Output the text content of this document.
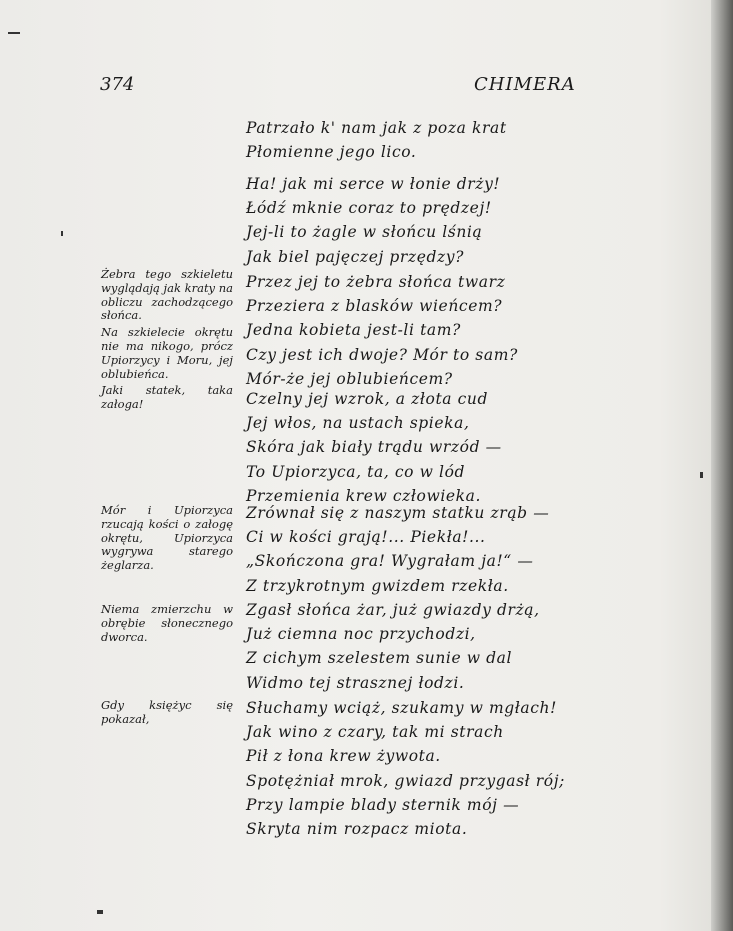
374	CHIMERA
Patrzało k' nam jak z poza krat
Płomienne jego lico.
Ha! jak mi serce w łonie drży!
Łódź mknie coraz to prędzej!
Jej-li to żagle w słońcu lśnią
Jak biel pajęczej przędzy?
Przez jej to żebra słońca twarz
Przeziera z blasków wieńcem?
Jedna kobieta jest-li tam?
Czy jest ich dwoje? Mór to sam?
Mór-że jej oblubieńcem?
Czelny jej wzrok, a złota cud
Jej włos, na ustach spieka,
Skóra jak biały trądu wrzód —
To Upiorzyca, ta, co w lód
Przemienia krew człowieka.
Zrównał się z naszym statku zrąb —
Ci w kości grają!... Piekła!...
„Skończona gra! Wygrałam ja!“ —
Z trzykrotnym gwizdem rzekła.
Zgasł słońca żar, już gwiazdy drżą,
Już ciemna noc przychodzi,
Z cichym szelestem sunie w dal
Widmo tej strasznej łodzi.
Słuchamy wciąż, szukamy w mgłach!
Jak wino z czary, tak mi strach
Pił z łona krew żywota.
Spotężniał mrok, gwiazd przygasł rój;
Przy lampie blady sternik mój —
Skryta nim rozpacz miota.

Żebra tego szkieletu wyglądają jak kraty na obliczu zachodzącego słońca.

Na szkielecie okrętu nie ma nikogo, prócz Upiorzycy i Moru, jej oblubieńca.

Jaki statek, taka załoga!

Mór i Upiorzyca rzucają kości o załogę okrętu, Upiorzyca wygrywa starego żeglarza.

Niema zmierzchu w obrębie słonecznego dworca.

Gdy księżyc się pokazał,
